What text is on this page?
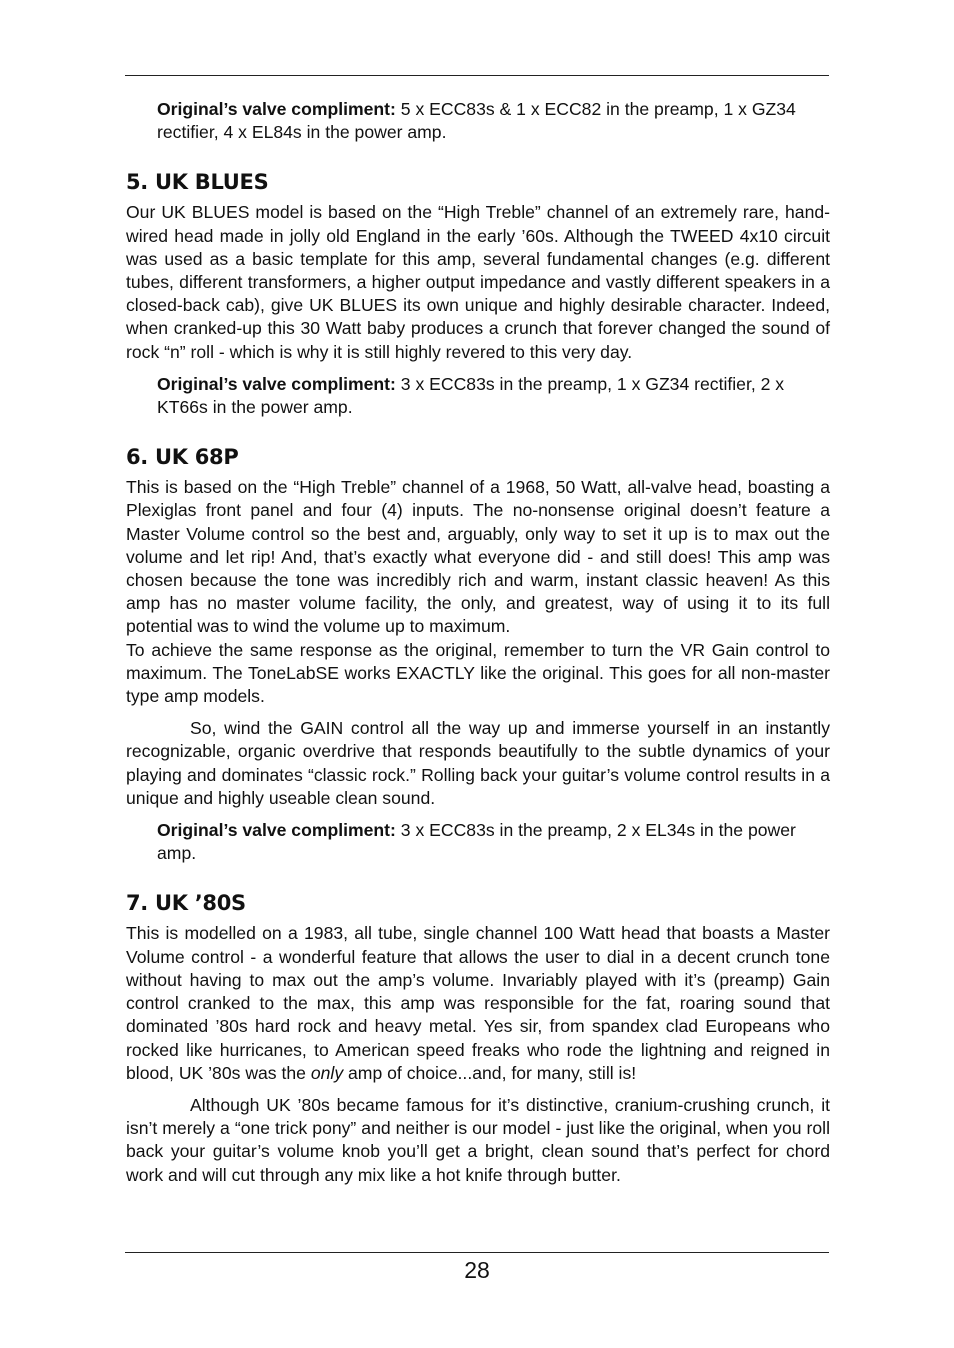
Original’s valve compliment: 5 x ECC83s & 1 x ECC82 in the preamp, 1 x GZ34 rectifier, 4 x EL84s in the power amp.

5. UK BLUES

Our UK BLUES model is based on the “High Treble” channel of an extremely rare, hand-wired head made in jolly old England in the early ’60s. Although the TWEED 4x10 circuit was used as a basic template for this amp, several fundamental changes (e.g. different tubes, different transformers, a higher output impedance and vastly different speakers in a closed-back cab), give UK BLUES its own unique and highly desirable character. Indeed, when cranked-up this 30 Watt baby produces a crunch that forever changed the sound of rock “n” roll - which is why it is still highly revered to this very day.

Original’s valve compliment: 3 x ECC83s in the preamp, 1 x GZ34 rectifier, 2 x KT66s in the power amp.

6. UK 68P

This is based on the “High Treble” channel of a 1968, 50 Watt, all-valve head, boasting a Plexiglas front panel and four (4) inputs. The no-nonsense original doesn’t feature a Master Volume control so the best and, arguably, only way to set it up is to max out the volume and let rip! And, that’s exactly what everyone did - and still does! This amp was chosen because the tone was incredibly rich and warm, instant classic heaven! As this amp has no master volume facility, the only, and greatest, way of using it to its full potential was to wind the volume up to maximum.

To achieve the same response as the original, remember to turn the VR Gain control to maximum. The ToneLabSE works EXACTLY like the original. This goes for all non-master type amp models.

So, wind the GAIN control all the way up and immerse yourself in an instantly recognizable, organic overdrive that responds beautifully to the subtle dynamics of your playing and dominates “classic rock.” Rolling back your guitar’s volume control results in a unique and highly useable clean sound.

Original’s valve compliment: 3 x ECC83s in the preamp, 2 x EL34s in the power amp.

7. UK ’80S

This is modelled on a 1983, all tube, single channel 100 Watt head that boasts a Master Volume control - a wonderful feature that allows the user to dial in a decent crunch tone without having to max out the amp’s volume. Invariably played with it’s (preamp) Gain control cranked to the max, this amp was responsible for the fat, roaring sound that dominated ’80s hard rock and heavy metal. Yes sir, from spandex clad Europeans who rocked like hurricanes, to American speed freaks who rode the lightning and reigned in blood, UK ’80s was the only amp of choice...and, for many, still is!

Although UK ’80s became famous for it’s distinctive, cranium-crushing crunch, it isn’t merely a “one trick pony” and neither is our model - just like the original, when you roll back your guitar’s volume knob you’ll get a bright, clean sound that’s perfect for chord work and will cut through any mix like a hot knife through butter.

28
